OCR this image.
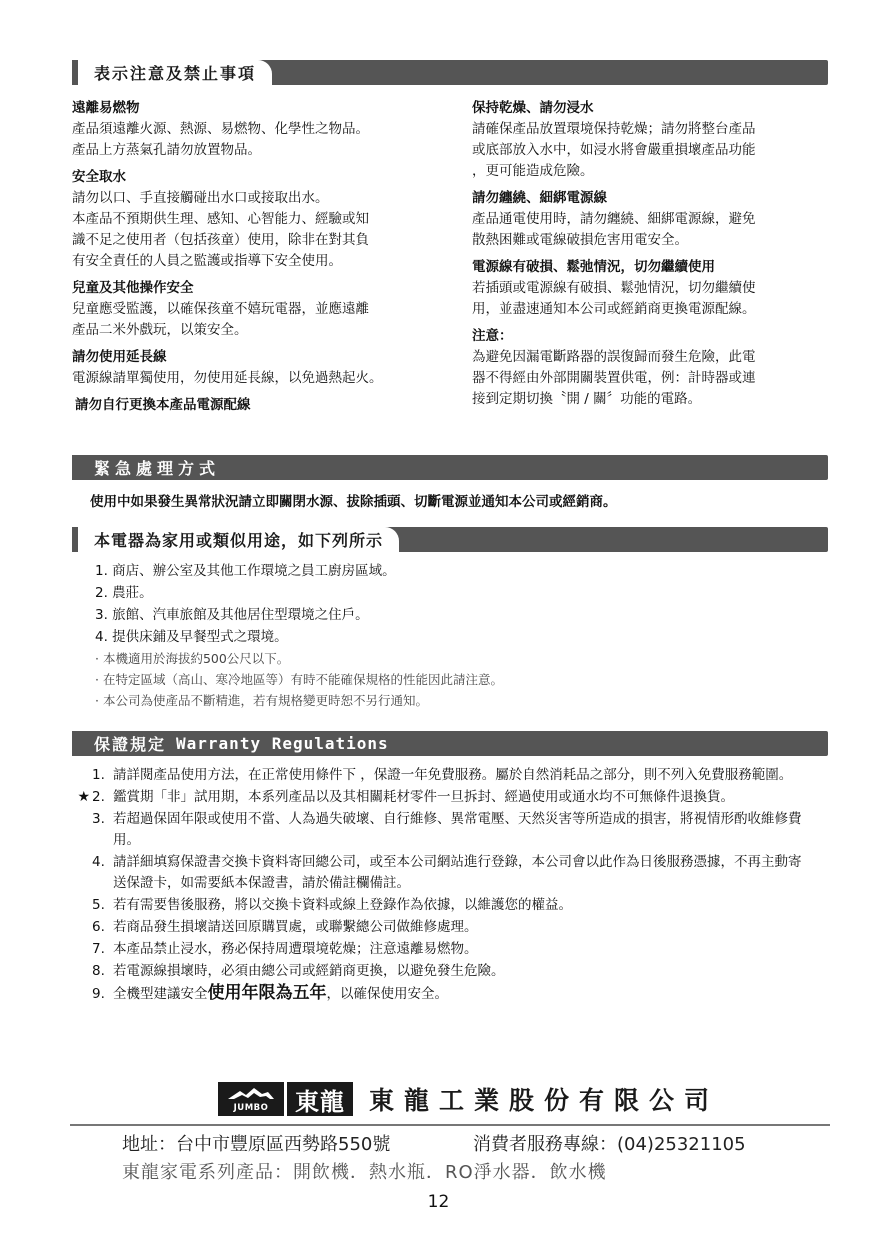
表示注意及禁止事項
遠離易燃物

產品須遠離火源、熱源、易燃物、化學性之物品。
產品上方蒸氣孔請勿放置物品。

安全取水

請勿以口、手直接觸碰出水口或接取出水。
本產品不預期供生理、感知、心智能力、經驗或知
識不足之使用者（包括孩童）使用，除非在對其負
有安全責任的人員之監護或指導下安全使用。

兒童及其他操作安全

兒童應受監護，以確保孩童不嬉玩電器，並應遠離
產品二米外戲玩，以策安全。

請勿使用延長線

電源線請單獨使用，勿使用延長線，以免過熱起火。

請勿自行更換本產品電源配線
保持乾燥、請勿浸水

請確保產品放置環境保持乾燥；請勿將整台產品
或底部放入水中，如浸水將會嚴重損壞產品功能
，更可能造成危險。

請勿纏繞、細綁電源線

產品通電使用時，請勿纏繞、細綁電源線，避免
散熱困難或電線破損危害用電安全。

電源線有破損、鬆弛情況，切勿繼續使用

若插頭或電源線有破損、鬆弛情況，切勿繼續使
用，並盡速通知本公司或經銷商更換電源配線。

注意：

為避免因漏電斷路器的誤復歸而發生危險，此電
器不得經由外部開關裝置供電，例：計時器或連
接到定期切換〝開 / 關〞功能的電路。

緊急處理方式
使用中如果發生異常狀況請立即關閉水源、拔除插頭、切斷電源並通知本公司或經銷商。
本電器為家用或類似用途，如下列所示
1. 商店、辦公室及其他工作環境之員工廚房區域。
2. 農莊。
3. 旅館、汽車旅館及其他居住型環境之住戶。
4. 提供床鋪及早餐型式之環境。
· 本機適用於海拔約500公尺以下。
· 在特定區域（高山、寒冷地區等）有時不能確保規格的性能因此請注意。
· 本公司為使產品不斷精進，若有規格變更時恕不另行通知。
保證規定 Warranty Regulations
1. 請詳閱產品使用方法，在正常使用條件下 ，保證一年免費服務。屬於自然消耗品之部分，則不列入免費服務範圍。
★ 2. 鑑賞期「非」試用期，本系列產品以及其相關耗材零件一旦拆封、經過使用或通水均不可無條件退換貨。
3. 若超過保固年限或使用不當、人為過失破壞、自行維修、異常電壓、天然災害等所造成的損害，將視情形酌收維修費用。
4. 請詳細填寫保證書交換卡資料寄回總公司，或至本公司網站進行登錄，本公司會以此作為日後服務憑據，不再主動寄送保證卡，如需要紙本保證書，請於備註欄備註。
5. 若有需要售後服務，將以交換卡資料或線上登錄作為依據，以維護您的權益。
6. 若商品發生損壞請送回原購買處，或聯繫總公司做維修處理。
7. 本產品禁止浸水，務必保持周遭環境乾燥；注意遠離易燃物。
8. 若電源線損壞時，必須由總公司或經銷商更換，以避免發生危險。
9. 全機型建議安全使用年限為五年，以確保使用安全。
JUMBO	東龍 東龍工業股份有限公司
地址：台中市豐原區西勢路550號	消費者服務專線：(04)25321105
東龍家電系列產品：開飲機．熱水瓶．RO淨水器．飲水機
12
